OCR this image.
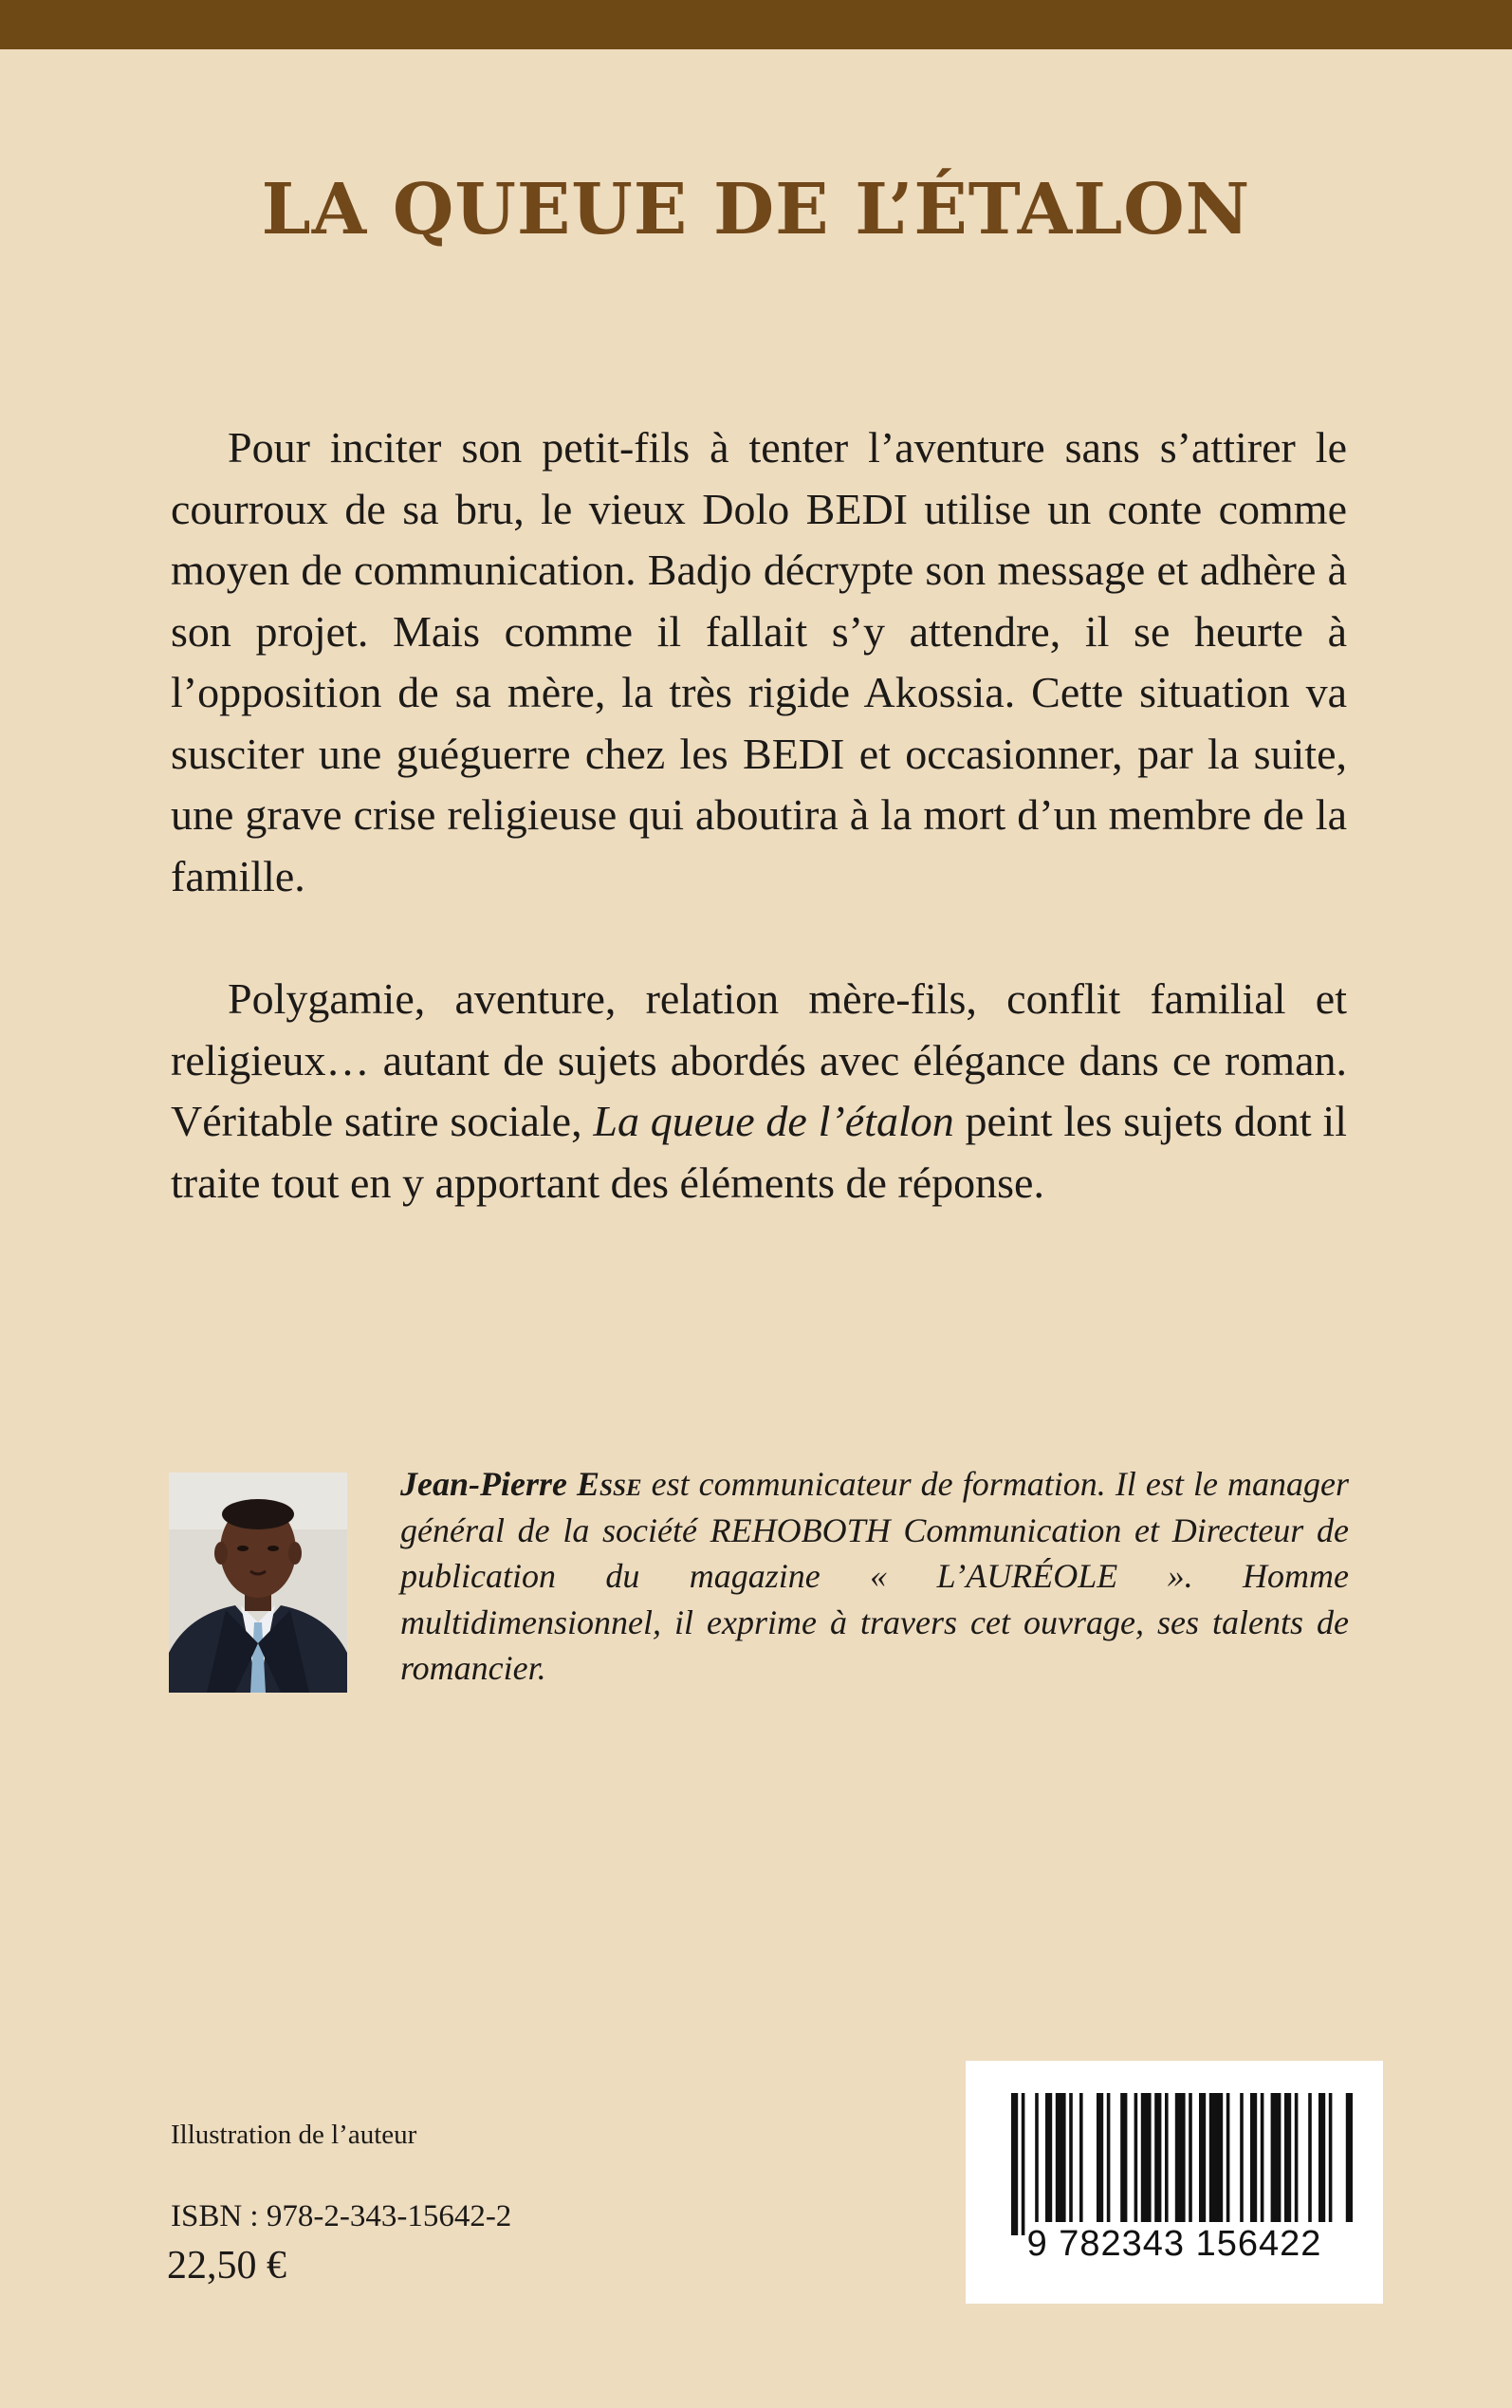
LA QUEUE DE L’ÉTALON

Pour inciter son petit-fils à tenter l’aventure sans s’attirer le courroux de sa bru, le vieux Dolo BEDI utilise un conte comme moyen de communication. Badjo décrypte son message et adhère à son projet. Mais comme il fallait s’y attendre, il se heurte à l’opposition de sa mère, la très rigide Akossia. Cette situation va susciter une guéguerre chez les BEDI et occasionner, par la suite, une grave crise religieuse qui aboutira à la mort d’un membre de la famille.

Polygamie, aventure, relation mère-fils, conflit familial et religieux… autant de sujets abordés avec élégance dans ce roman. Véritable satire sociale, La queue de l’étalon peint les sujets dont il traite tout en y apportant des éléments de réponse.

Jean-Pierre Esse est communicateur de formation. Il est le manager général de la société REHOBOTH Communication et Directeur de publication du magazine « L’AURÉOLE ». Homme multidimensionnel, il exprime à travers cet ouvrage, ses talents de romancier.
Illustration de l’auteur
ISBN : 978-2-343-15642-2
22,50 €	9 782343 156422
